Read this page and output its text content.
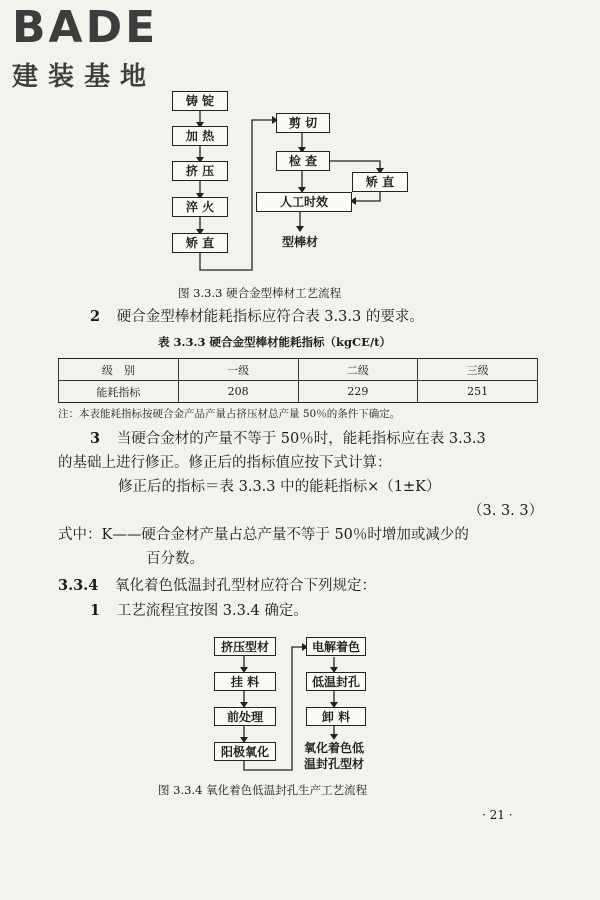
BADE
建装基地
铸 锭
加 热
挤 压
淬 火
矫 直
剪 切
检 查
人工时效
矫 直
型棒材
图 3.3.3 硬合金型棒材工艺流程
2 硬合金型棒材能耗指标应符合表 3.3.3 的要求。
表 3.3.3 硬合金型棒材能耗指标（kgCE/t）
级　别	一级	二级	三级
能耗指标	208	229	251
注：本表能耗指标按硬合金产品产量占挤压材总产量 50％的条件下确定。
3 当硬合金材的产量不等于 50％时，能耗指标应在表 3.3.3
的基础上进行修正。修正后的指标值应按下式计算：
修正后的指标＝表 3.3.3 中的能耗指标×（1±K）
（3. 3. 3）
式中：K——硬合金材产量占总产量不等于 50％时增加或减少的
百分数。
3.3.4 氧化着色低温封孔型材应符合下列规定：
1 工艺流程宜按图 3.3.4 确定。
挤压型材
挂 料
前处理
阳极氧化
电解着色
低温封孔
卸 料
氧化着色低
温封孔型材
图 3.3.4 氧化着色低温封孔生产工艺流程
· 21 ·
